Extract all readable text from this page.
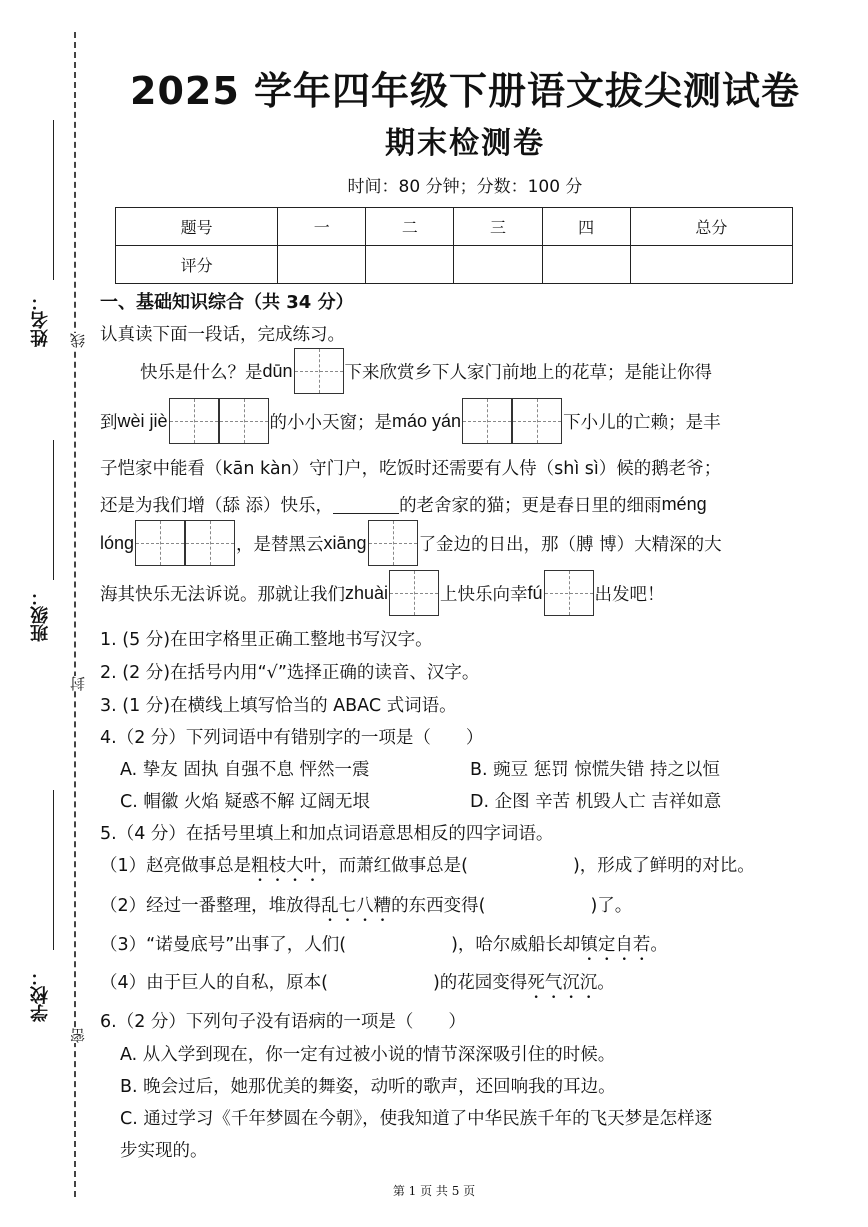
姓名：
班级：
学校：
线
封
密
2025 学年四年级下册语文拔尖测试卷
期末检测卷
时间：80 分钟；分数：100 分
题号	一	二	三	四	总分
评分					
一、基础知识综合（共 34 分）
认真读下面一段话，完成练习。
快乐是什么？是 dūn	下来欣赏乡下人家门前地上的花草；是能让你得
到 wèi jiè	的小小天窗；是 máo yán	下小儿的亡赖；是丰
子恺家中能看（kān kàn）守门户，吃饭时还需要有人侍（shì sì）候的鹅老爷；
还是为我们增（舔 添）快乐，	的老舍家的猫；更是春日里的细雨 méng
lóng	，是替黑云 xiāng	了金边的日出，那（膊 博）大精深的大
海其快乐无法诉说。那就让我们 zhuài	上快乐向幸 fú	出发吧！
1. (5 分)在田字格里正确工整地书写汉字。
2. (2 分)在括号内用“√”选择正确的读音、汉字。
3. (1 分)在横线上填写恰当的 ABAC 式词语。
4.（2 分）下列词语中有错别字的一项是（　　）
A. 挚友 固执 自强不息 怦然一震	B. 豌豆 惩罚 惊慌失错 持之以恒
C. 帽徽 火焰 疑惑不解 辽阔无垠	D. 企图 辛苦 机毁人亡 吉祥如意
5.（4 分）在括号里填上和加点词语意思相反的四字词语。
（1）赵亮做事总是粗枝大叶，而萧红做事总是(　　　　　　)，形成了鲜明的对比。
（2）经过一番整理，堆放得乱七八糟的东西变得(　　　　　　)了。
（3）“诺曼底号”出事了，人们(　　　　　　)，哈尔威船长却镇定自若。
（4）由于巨人的自私，原本(　　　　　　)的花园变得死气沉沉。
6.（2 分）下列句子没有语病的一项是（　　）
A. 从入学到现在，你一定有过被小说的情节深深吸引住的时候。
B. 晚会过后，她那优美的舞姿，动听的歌声，还回响我的耳边。
C. 通过学习《千年梦圆在今朝》，使我知道了中华民族千年的飞天梦是怎样逐
步实现的。
第 1 页 共 5 页
